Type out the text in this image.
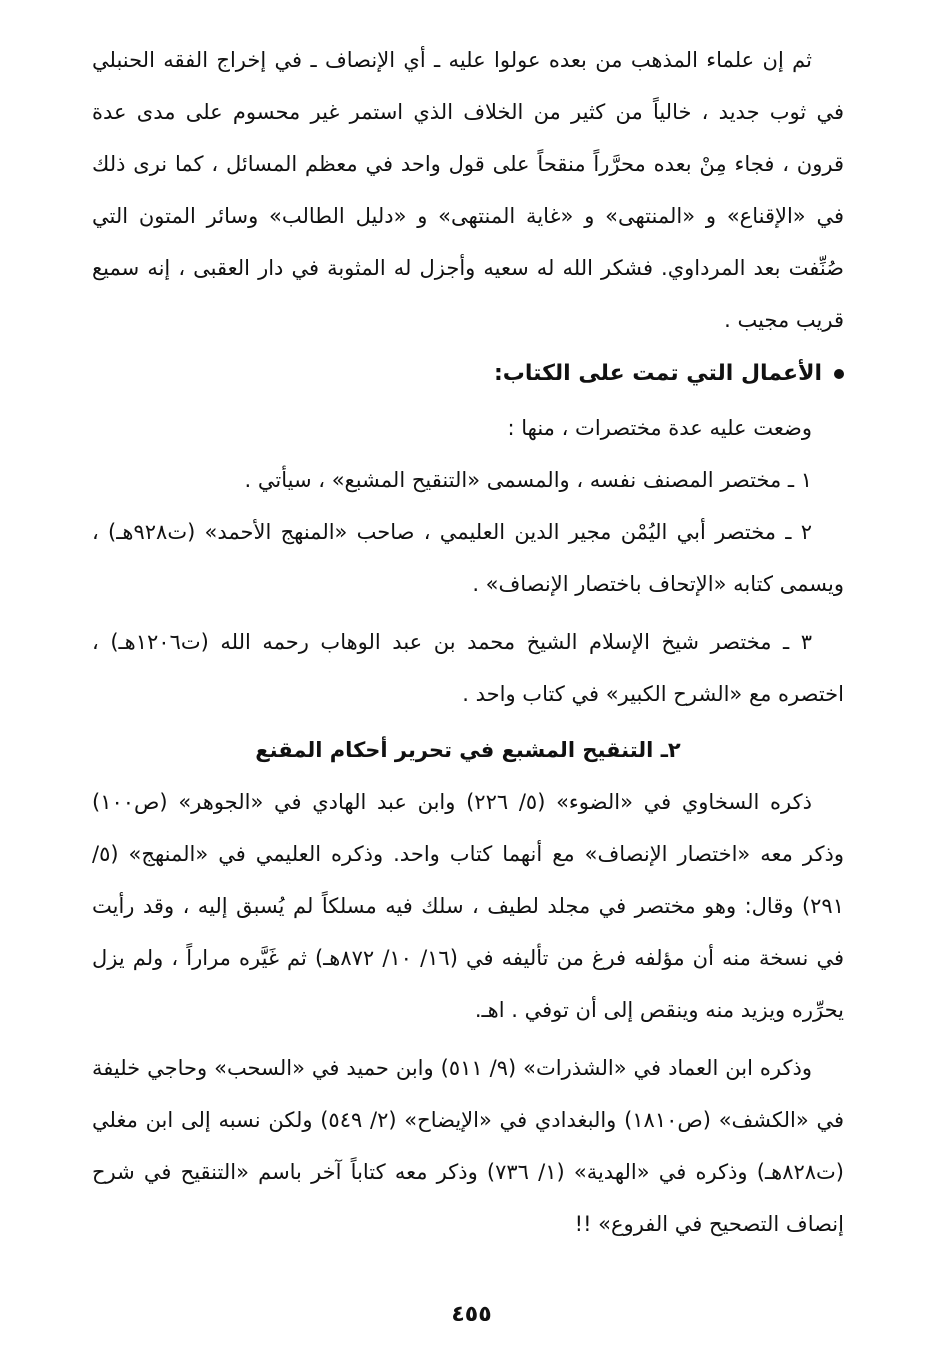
ثم إن علماء المذهب من بعده عولوا عليه ـ أي الإنصاف ـ في إخراج الفقه الحنبلي في ثوب جديد ، خالياً من كثير من الخلاف الذي استمر غير محسوم على مدى عدة قرون ، فجاء مِنْ بعده محرَّراً منقحاً على قول واحد في معظم المسائل ، كما نرى ذلك في «الإقناع» و «المنتهى» و «غاية المنتهى» و «دليل الطالب» وسائر المتون التي صُنِّفت بعد المرداوي. فشكر الله له سعيه وأجزل له المثوبة في دار العقبى ، إنه سميع قريب مجيب .

الأعمال التي تمت على الكتاب:

وضعت عليه عدة مختصرات ، منها :

١ ـ مختصر المصنف نفسه ، والمسمى «التنقيح المشبع» ، سيأتي .

٢ ـ مختصر أبي اليُمْن مجير الدين العليمي ، صاحب «المنهج الأحمد» (ت٩٢٨هـ) ، ويسمى كتابه «الإتحاف باختصار الإنصاف» .

٣ ـ مختصر شيخ الإسلام الشيخ محمد بن عبد الوهاب رحمه الله (ت١٢٠٦هـ) ، اختصره مع «الشرح الكبير» في كتاب واحد .

٢ـ التنقيح المشبع في تحرير أحكام المقنع

ذكره السخاوي في «الضوء» (٥/ ٢٢٦) وابن عبد الهادي في «الجوهر» (ص١٠٠) وذكر معه «اختصار الإنصاف» مع أنهما كتاب واحد. وذكره العليمي في «المنهج» (٥/ ٢٩١) وقال: وهو مختصر في مجلد لطيف ، سلك فيه مسلكاً لم يُسبق إليه ، وقد رأيت في نسخة منه أن مؤلفه فرغ من تأليفه في (١٦/ ١٠/ ٨٧٢هـ) ثم غَيَّره مراراً ، ولم يزل يحرِّره ويزيد منه وينقص إلى أن توفي . اهـ.

وذكره ابن العماد في «الشذرات» (٩/ ٥١١) وابن حميد في «السحب» وحاجي خليفة في «الكشف» (ص١٨١٠) والبغدادي في «الإيضاح» (٢/ ٥٤٩) ولكن نسبه إلى ابن مغلي (ت٨٢٨هـ) وذكره في «الهدية» (١/ ٧٣٦) وذكر معه كتاباً آخر باسم «التنقيح في شرح إنصاف التصحيح في الفروع» !!

٤٥٥
